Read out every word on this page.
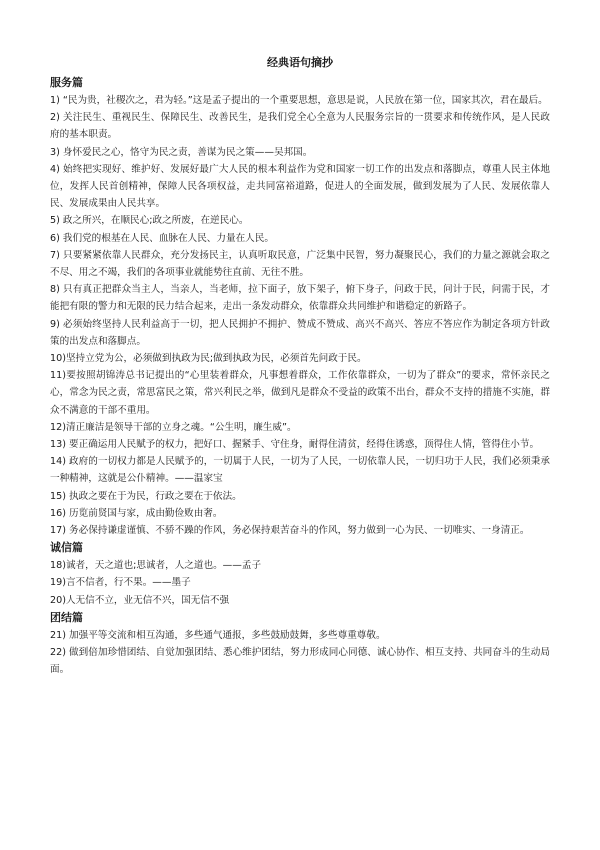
经典语句摘抄
服务篇

1) “民为贵，社稷次之，君为轻。”这是孟子提出的一个重要思想，意思是说，人民放在第一位，国家其次，君在最后。

2) 关注民生、重视民生、保障民生、改善民生，是我们党全心全意为人民服务宗旨的一贯要求和传统作风，是人民政府的基本职责。

3) 身怀爱民之心，恪守为民之责，善谋为民之策——吴邦国。

4) 始终把实现好、维护好、发展好最广大人民的根本利益作为党和国家一切工作的出发点和落脚点，尊重人民主体地位，发挥人民首创精神，保障人民各项权益，走共同富裕道路，促进人的全面发展，做到发展为了人民、发展依靠人民、发展成果由人民共享。

5) 政之所兴，在顺民心;政之所废，在逆民心。

6) 我们党的根基在人民、血脉在人民、力量在人民。

7) 只要紧紧依靠人民群众，充分发扬民主，认真听取民意，广泛集中民智，努力凝聚民心，我们的力量之源就会取之不尽、用之不竭，我们的各项事业就能势往直前、无往不胜。

8) 只有真正把群众当主人，当亲人，当老师，拉下面子，放下架子，俯下身子，问政于民，问计于民，问需于民，才能把有限的警力和无限的民力结合起来，走出一条发动群众，依靠群众共同维护和谐稳定的新路子。

9) 必须始终坚持人民利益高于一切，把人民拥护不拥护、赞成不赞成、高兴不高兴、答应不答应作为制定各项方针政策的出发点和落脚点。

10)坚持立党为公，必须做到执政为民;做到执政为民，必须首先问政于民。

11)要按照胡锦涛总书记提出的“心里装着群众，凡事想着群众，工作依靠群众，一切为了群众”的要求，常怀亲民之心，常念为民之责，常思富民之策，常兴利民之举，做到凡是群众不受益的政策不出台，群众不支持的措施不实施，群众不满意的干部不重用。

12)清正廉洁是领导干部的立身之魂。“公生明，廉生威”。

13) 要正确运用人民赋予的权力，把好口、握紧手、守住身，耐得住清贫，经得住诱惑，顶得住人情，管得住小节。

14) 政府的一切权力都是人民赋予的，一切属于人民，一切为了人民，一切依靠人民，一切归功于人民，我们必须秉承一种精神，这就是公仆精神。——温家宝

15) 执政之要在于为民，行政之要在于依法。

16) 历览前贤国与家，成由勤俭败由奢。

17) 务必保持谦虚谨慎、不骄不躁的作风，务必保持艰苦奋斗的作风，努力做到一心为民、一切唯实、一身清正。

诚信篇

18)诚者，天之道也;思诚者，人之道也。——孟子

19)言不信者，行不果。——墨子

20)人无信不立，业无信不兴，国无信不强

团结篇

21) 加强平等交流和相互沟通，多些通气通报，多些鼓励鼓舞，多些尊重尊敬。

22) 做到倍加珍惜团结、自觉加强团结、悉心维护团结，努力形成同心同德、诚心协作、相互支持、共同奋斗的生动局面。
